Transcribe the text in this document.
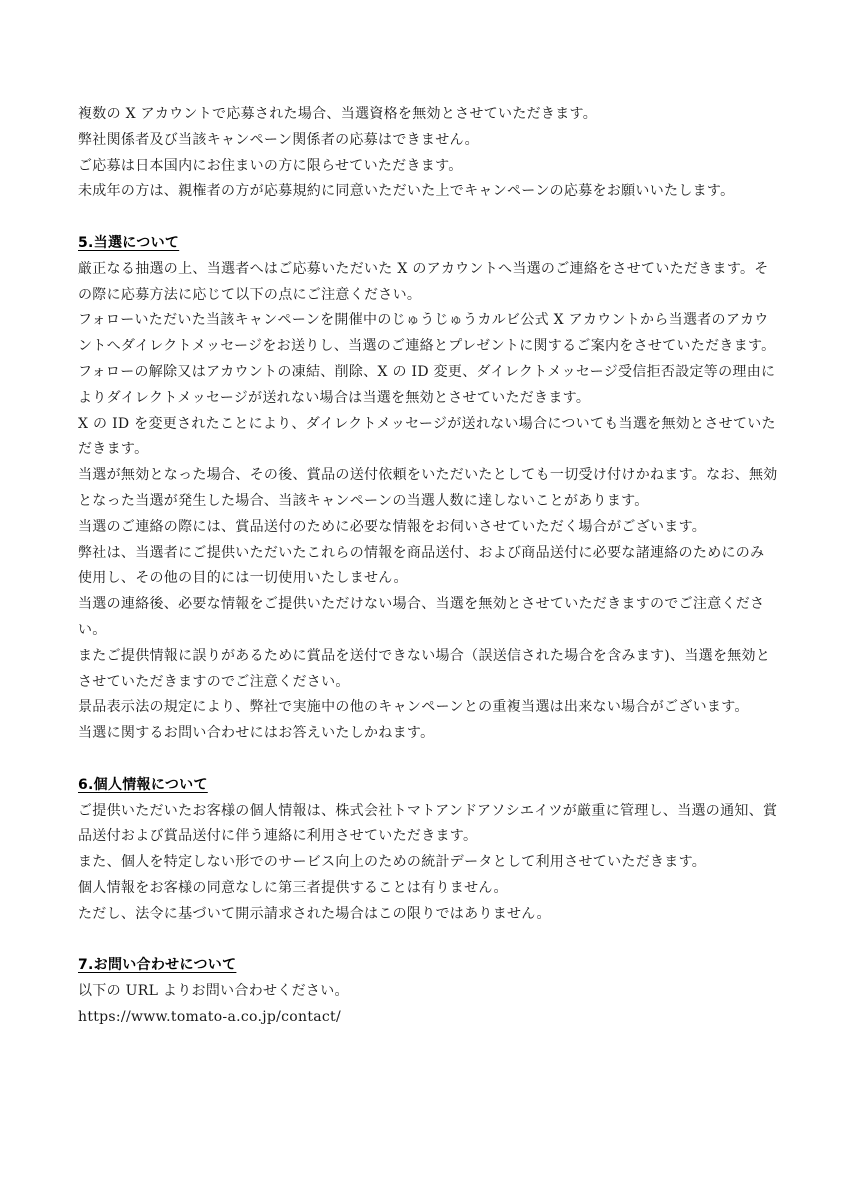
複数の X アカウントで応募された場合、当選資格を無効とさせていただきます。

弊社関係者及び当該キャンペーン関係者の応募はできません。

ご応募は日本国内にお住まいの方に限らせていただきます。

未成年の方は、親権者の方が応募規約に同意いただいた上でキャンペーンの応募をお願いいたします。

5.当選について

厳正なる抽選の上、当選者へはご応募いただいた X のアカウントへ当選のご連絡をさせていただきます。その際に応募方法に応じて以下の点にご注意ください。

フォローいただいた当該キャンペーンを開催中のじゅうじゅうカルビ公式 X アカウントから当選者のアカウントへダイレクトメッセージをお送りし、当選のご連絡とプレゼントに関するご案内をさせていただきます。

フォローの解除又はアカウントの凍結、削除、X の ID 変更、ダイレクトメッセージ受信拒否設定等の理由によりダイレクトメッセージが送れない場合は当選を無効とさせていただきます。

X の ID を変更されたことにより、ダイレクトメッセージが送れない場合についても当選を無効とさせていただきます。

当選が無効となった場合、その後、賞品の送付依頼をいただいたとしても一切受け付けかねます。なお、無効となった当選が発生した場合、当該キャンペーンの当選人数に達しないことがあります。

当選のご連絡の際には、賞品送付のために必要な情報をお伺いさせていただく場合がございます。

弊社は、当選者にご提供いただいたこれらの情報を商品送付、および商品送付に必要な諸連絡のためにのみ使用し、その他の目的には一切使用いたしません。

当選の連絡後、必要な情報をご提供いただけない場合、当選を無効とさせていただきますのでご注意ください。

またご提供情報に誤りがあるために賞品を送付できない場合（誤送信された場合を含みます)、当選を無効とさせていただきますのでご注意ください。

景品表示法の規定により、弊社で実施中の他のキャンペーンとの重複当選は出来ない場合がございます。

当選に関するお問い合わせにはお答えいたしかねます。

6.個人情報について

ご提供いただいたお客様の個人情報は、株式会社トマトアンドアソシエイツが厳重に管理し、当選の通知、賞品送付および賞品送付に伴う連絡に利用させていただきます。

また、個人を特定しない形でのサービス向上のための統計データとして利用させていただきます。

個人情報をお客様の同意なしに第三者提供することは有りません。

ただし、法令に基づいて開示請求された場合はこの限りではありません。

7.お問い合わせについて

以下の URL よりお問い合わせください。

https://www.tomato-a.co.jp/contact/
